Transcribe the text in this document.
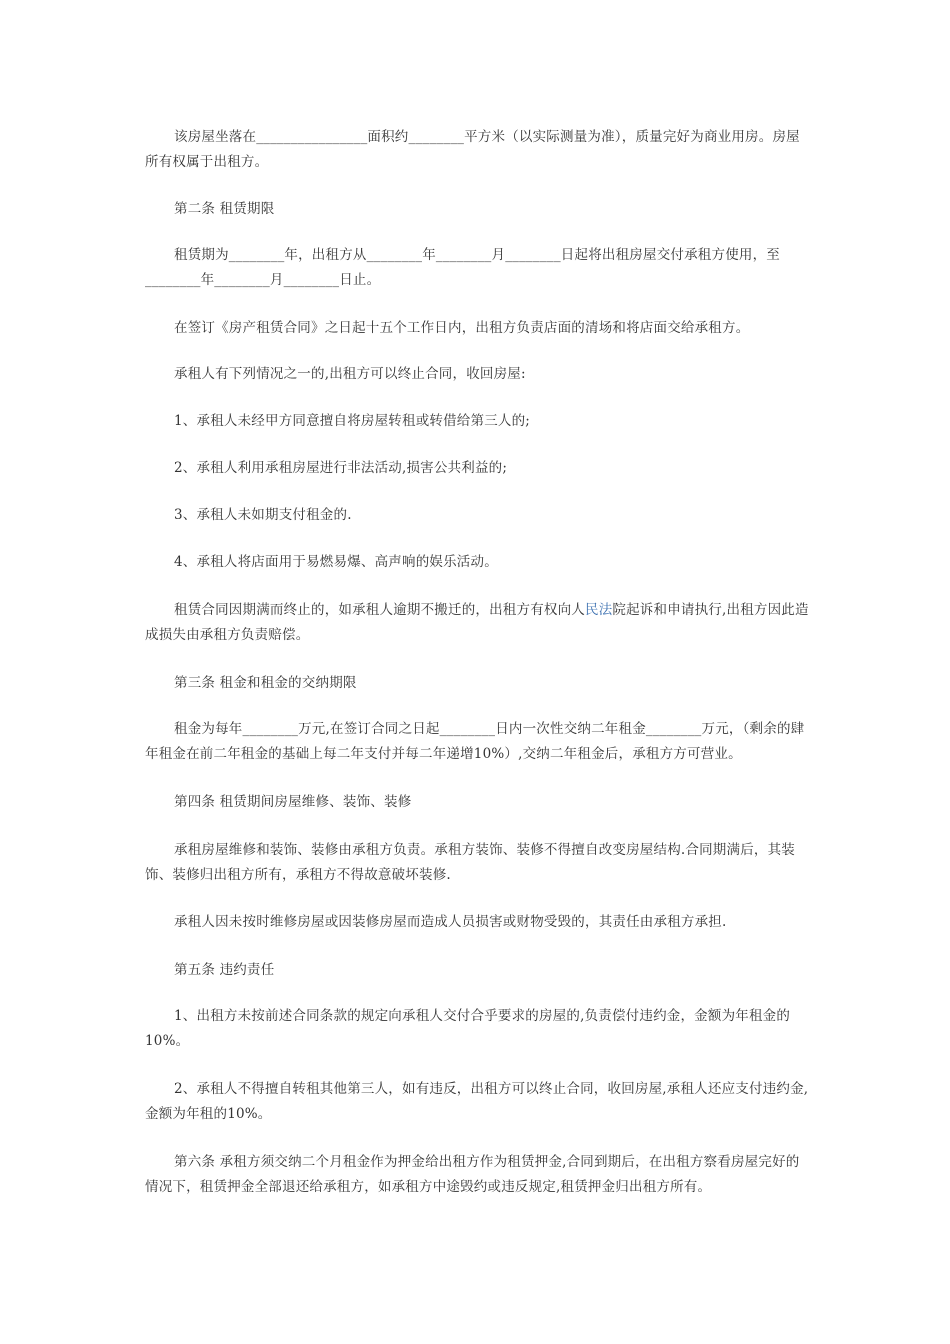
该房屋坐落在________________面积约________平方米（以实际测量为准），质量完好为商业用房。房屋所有权属于出租方。

第二条 租赁期限

租赁期为________年，出租方从________年________月________日起将出租房屋交付承租方使用，至________年________月________日止。

在签订《房产租赁合同》之日起十五个工作日内，出租方负责店面的清场和将店面交给承租方。

承租人有下列情况之一的,出租方可以终止合同，收回房屋:

1、承租人未经甲方同意擅自将房屋转租或转借给第三人的;

2、承租人利用承租房屋进行非法活动,损害公共利益的;

3、承租人未如期支付租金的.

4、承租人将店面用于易燃易爆、高声响的娱乐活动。

租赁合同因期满而终止的，如承租人逾期不搬迁的，出租方有权向人民法院起诉和申请执行,出租方因此造成损失由承租方负责赔偿。

第三条 租金和租金的交纳期限

租金为每年________万元,在签订合同之日起________日内一次性交纳二年租金________万元，（剩余的肆年租金在前二年租金的基础上每二年支付并每二年递增10%）,交纳二年租金后，承租方方可营业。

第四条 租赁期间房屋维修、装饰、装修

承租房屋维修和装饰、装修由承租方负责。承租方装饰、装修不得擅自改变房屋结构.合同期满后，其装饰、装修归出租方所有，承租方不得故意破坏装修.

承租人因未按时维修房屋或因装修房屋而造成人员损害或财物受毁的，其责任由承租方承担.

第五条 违约责任

1、出租方未按前述合同条款的规定向承租人交付合乎要求的房屋的,负责偿付违约金，金额为年租金的10%。

2、承租人不得擅自转租其他第三人，如有违反，出租方可以终止合同，收回房屋,承租人还应支付违约金,金额为年租的10%。

第六条 承租方须交纳二个月租金作为押金给出租方作为租赁押金,合同到期后，在出租方察看房屋完好的情况下，租赁押金全部退还给承租方，如承租方中途毁约或违反规定,租赁押金归出租方所有。
